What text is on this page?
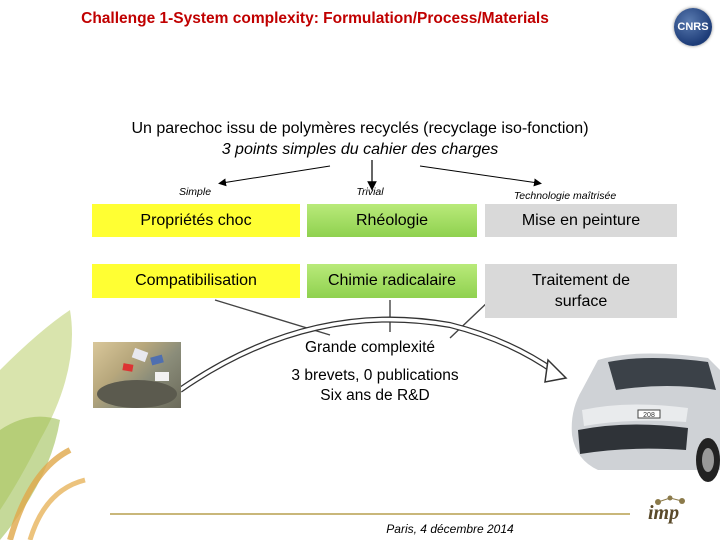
Challenge 1-System complexity: Formulation/Process/Materials	CNRS
Un parechoc issu de polymères recyclés (recyclage iso-fonction)
3 points simples du cahier des charges
Simple	Trivial	Technologie maîtrisée
Propriétés choc	Rhéologie	Mise en peinture
Compatibilisation	Chimie radicalaire	Traitement de surface
Grande complexité
3 brevets, 0 publications
Six ans de R&D
208
Paris, 4 décembre 2014
imp
